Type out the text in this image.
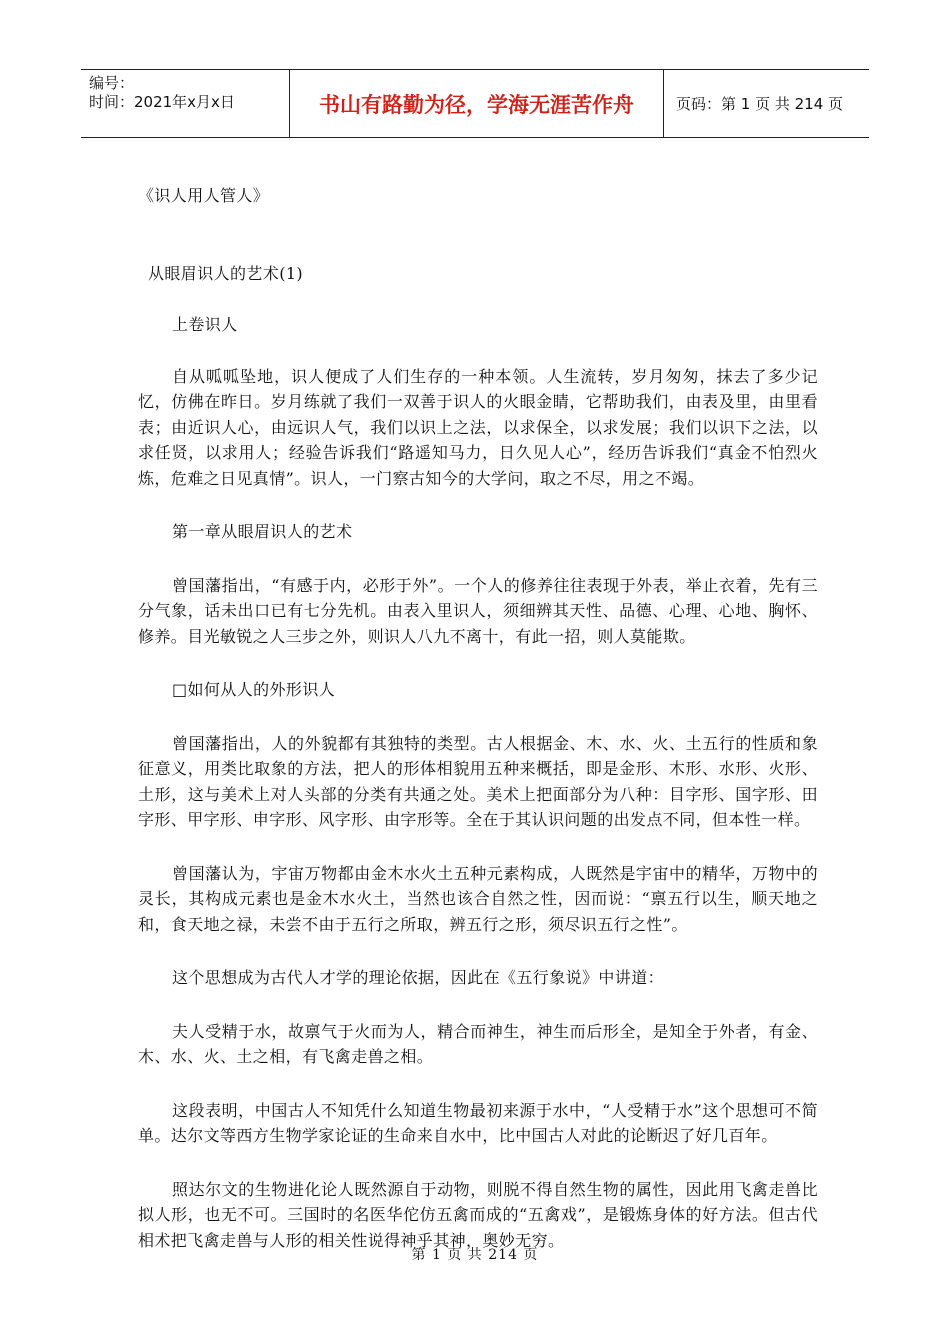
编号：
时间：2021年x月x日	书山有路勤为径，学海无涯苦作舟	页码：第 1 页 共 214 页

《识人用人管人》

从眼眉识人的艺术(1)

上卷识人

自从呱呱坠地，识人便成了人们生存的一种本领。人生流转，岁月匆匆，抹去了多少记忆，仿佛在昨日。岁月练就了我们一双善于识人的火眼金睛，它帮助我们，由表及里，由里看表；由近识人心，由远识人气，我们以识上之法，以求保全，以求发展；我们以识下之法，以求任贤，以求用人；经验告诉我们“路遥知马力，日久见人心”，经历告诉我们“真金不怕烈火炼，危难之日见真情”。识人，一门察古知今的大学问，取之不尽，用之不竭。

第一章从眼眉识人的艺术

曾国藩指出，“有感于内，必形于外”。一个人的修养往往表现于外表，举止衣着，先有三分气象，话未出口已有七分先机。由表入里识人，须细辨其天性、品德、心理、心地、胸怀、修养。目光敏锐之人三步之外，则识人八九不离十，有此一招，则人莫能欺。

□如何从人的外形识人

曾国藩指出，人的外貌都有其独特的类型。古人根据金、木、水、火、土五行的性质和象征意义，用类比取象的方法，把人的形体相貌用五种来概括，即是金形、木形、水形、火形、土形，这与美术上对人头部的分类有共通之处。美术上把面部分为八种：目字形、国字形、田字形、甲字形、申字形、风字形、由字形等。全在于其认识问题的出发点不同，但本性一样。

曾国藩认为，宇宙万物都由金木水火土五种元素构成，人既然是宇宙中的精华，万物中的灵长，其构成元素也是金木水火土，当然也该合自然之性，因而说：“禀五行以生，顺天地之和，食天地之禄，未尝不由于五行之所取，辨五行之形，须尽识五行之性”。

这个思想成为古代人才学的理论依据，因此在《五行象说》中讲道：

夫人受精于水，故禀气于火而为人，精合而神生，神生而后形全，是知全于外者，有金、木、水、火、土之相，有飞禽走兽之相。

这段表明，中国古人不知凭什么知道生物最初来源于水中，“人受精于水”这个思想可不简单。达尔文等西方生物学家论证的生命来自水中，比中国古人对此的论断迟了好几百年。

照达尔文的生物进化论人既然源自于动物，则脱不得自然生物的属性，因此用飞禽走兽比拟人形，也无不可。三国时的名医华佗仿五禽而成的“五禽戏”，是锻炼身体的好方法。但古代相术把飞禽走兽与人形的相关性说得神乎其神，奥妙无穷。

第 1 页 共 214 页
